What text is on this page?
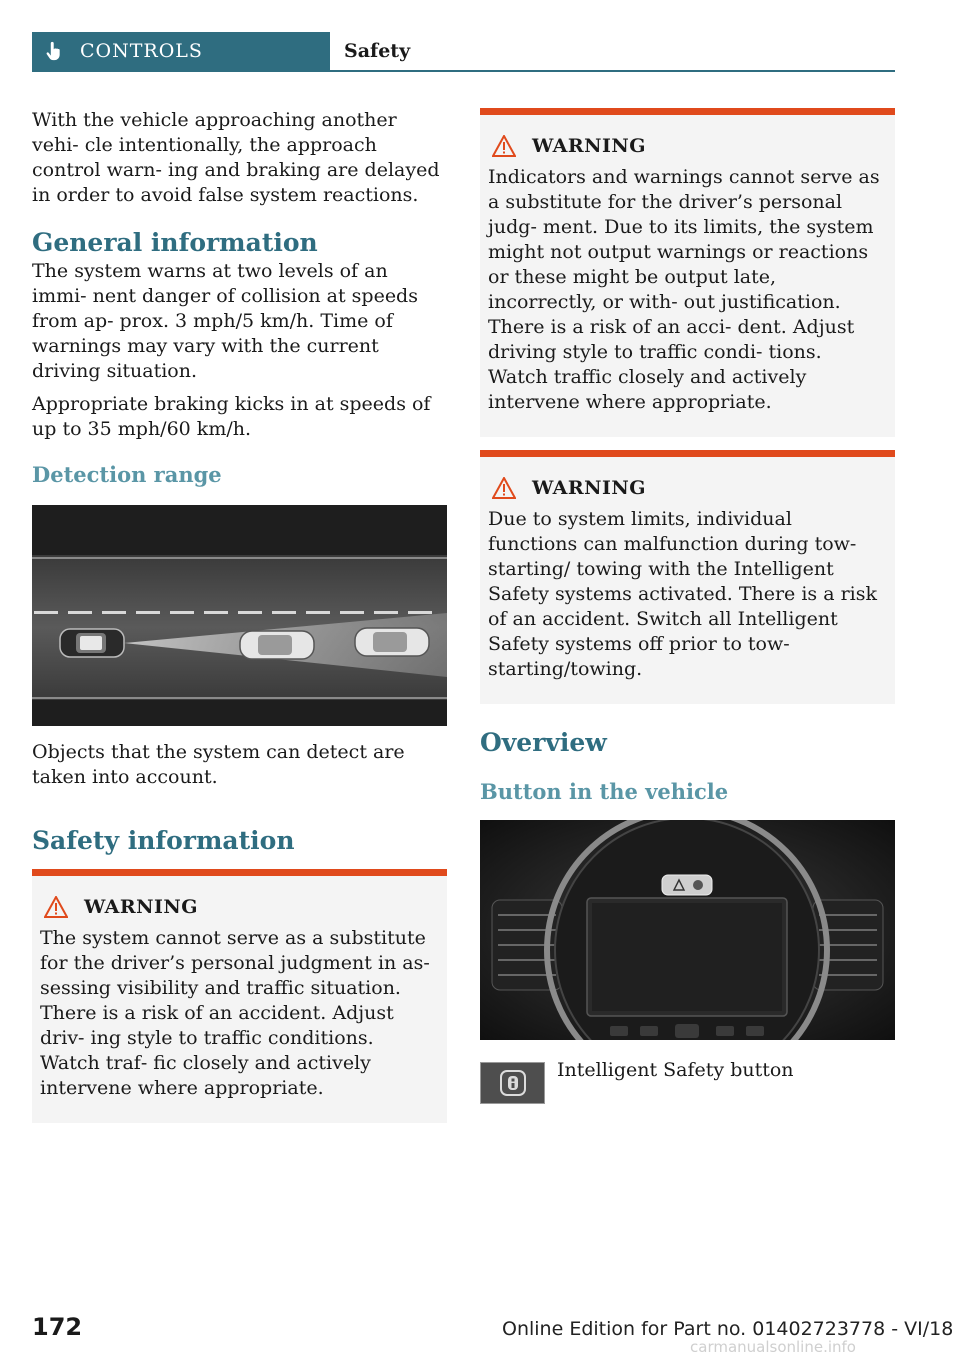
CONTROLS	Safety

With the vehicle approaching another vehi‐ cle intentionally, the approach control warn‐ ing and braking are delayed in order to avoid false system reactions.

General information

The system warns at two levels of an immi‐ nent danger of collision at speeds from ap‐ prox. 3 mph/5 km/h. Time of warnings may vary with the current driving situation.

Appropriate braking kicks in at speeds of up to 35 mph/60 km/h.

Detection range

Objects that the system can detect are taken into account.

Safety information
WARNING

The system cannot serve as a substitute for the driver’s personal judgment in as‐ sessing visibility and traffic situation. There is a risk of an accident. Adjust driv‐ ing style to traffic conditions. Watch traf‐ fic closely and actively intervene where appropriate.

WARNING

Indicators and warnings cannot serve as a substitute for the driver’s personal judg‐ ment. Due to its limits, the system might not output warnings or reactions or these might be output late, incorrectly, or with‐ out justification. There is a risk of an acci‐ dent. Adjust driving style to traffic condi‐ tions. Watch traffic closely and actively intervene where appropriate.

WARNING

Due to system limits, individual functions can malfunction during tow-starting/ towing with the Intelligent Safety systems activated. There is a risk of an accident. Switch all Intelligent Safety systems off prior to tow-starting/towing.

Overview
Button in the vehicle

Intelligent Safety button

172	Online Edition for Part no. 01402723778 - VI/18
carmanualsonline.info
